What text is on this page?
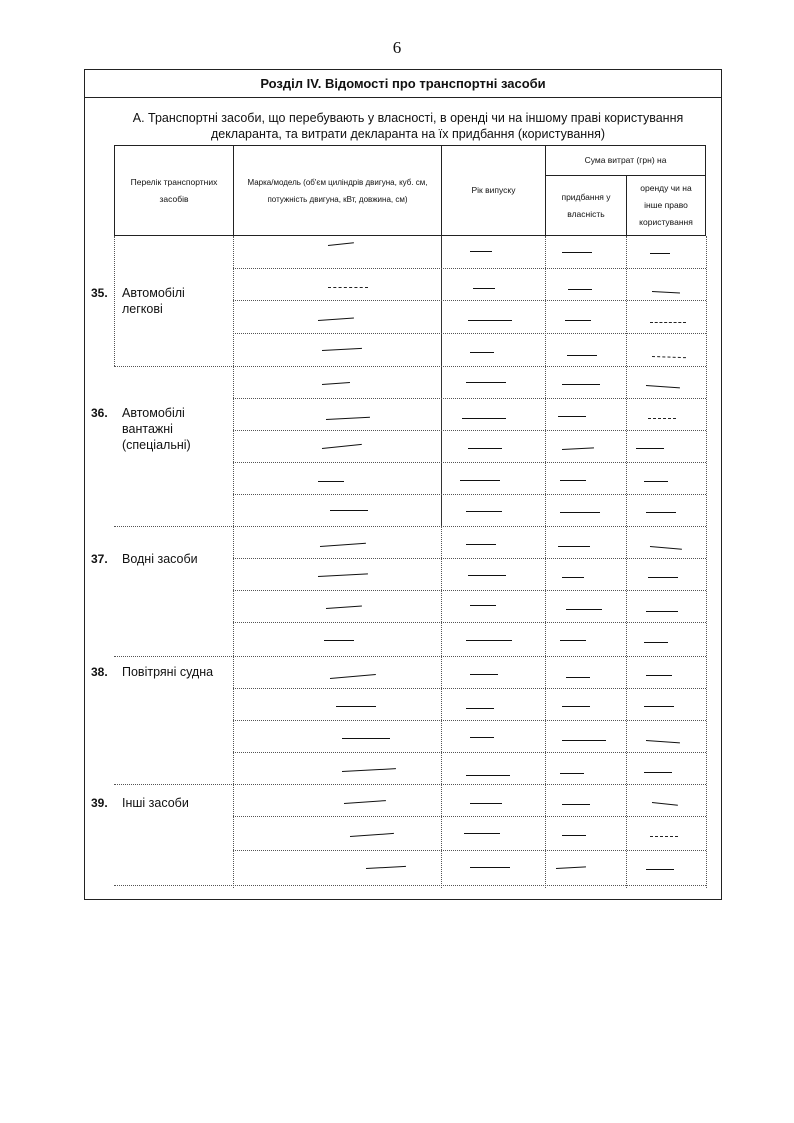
6
Розділ IV. Відомості про транспортні засоби
А. Транспортні засоби, що перебувають у власності, в оренді чи на іншому праві користування
декларанта, та витрати декларанта на їх придбання (користування)
Перелік транспортних засобів
Марка/модель (об'єм циліндрів двигуна, куб. см, потужність двигуна, кВт, довжина, см)
Рік випуску
Сума витрат (грн) на
придбання у власність
оренду чи на інше право користування
35. Автомобілі легкові
36. Автомобілі вантажні (спеціальні)
37. Водні засоби
38. Повітряні судна
39. Інші засоби
